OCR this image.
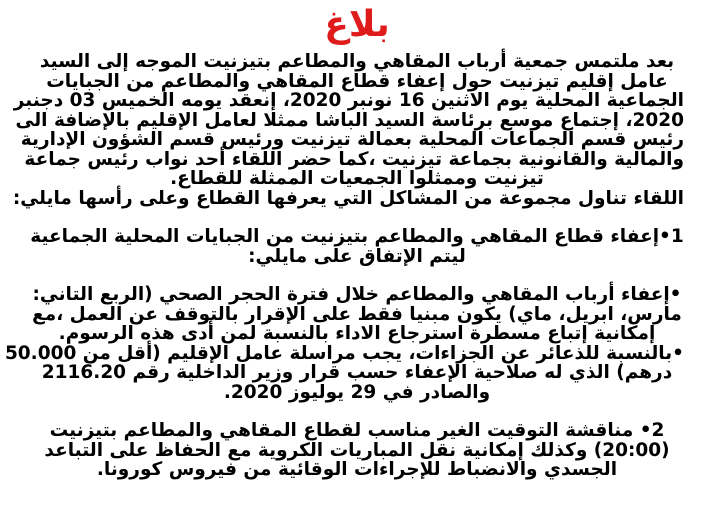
بلاغ
بعد ملتمس جمعية أرباب المقاهي والمطاعم بتيزنيت الموجه إلى السيد
عامل إقليم تيزنيت حول إعفاء قطاع المقاهي والمطاعم من الجبايات
الجماعية المحلية يوم الاثنين 16 نونبر 2020، إنعقد يومه الخميس 03 دجنبر
2020، إجتماع موسع برئاسة السيد الباشا ممثلا لعامل الإقليم بالإضافة الى
رئيس قسم الجماعات المحلية بعمالة تيزنيت ورئيس قسم الشؤون الإدارية
والمالية والقانونية بجماعة تيزنيت ،كما حضر اللقاء أحد نواب رئيس جماعة
تيزنيت وممثلوا الجمعيات الممثلة للقطاع.
اللقاء تناول مجموعة من المشاكل التي يعرفها القطاع وعلى رأسها مايلي:
1•إعفاء قطاع المقاهي والمطاعم بتيزنيت من الجبايات المحلية الجماعية
ليتم الإتفاق على مايلي:
•إعفاء أرباب المقاهي والمطاعم خلال فترة الحجر الصحي (الربع التاني:
مارس، ابريل، ماي) يكون مبنيا فقط على الإقرار بالتوقف عن العمل ،مع
إمكانية إتباع مسطرة استرجاع الاداء بالنسبة لمن أدى هذه الرسوم.
•بالنسبة للذعائر عن الجزاءات، يجب مراسلة عامل الإقليم (أقل من 50.000
درهم) الذي له صلاحية الإعفاء حسب قرار وزير الداخلية رقم 2116.20
والصادر في 29 يوليوز 2020.
2• مناقشة التوقيت الغير مناسب لقطاع المقاهي والمطاعم بتيزنيت
(20:00) وكذلك إمكانية نقل المباريات الكروية مع الحفاظ على التباعد
الجسدي والانضباط للإجراءات الوقائية من فيروس كورونا.
